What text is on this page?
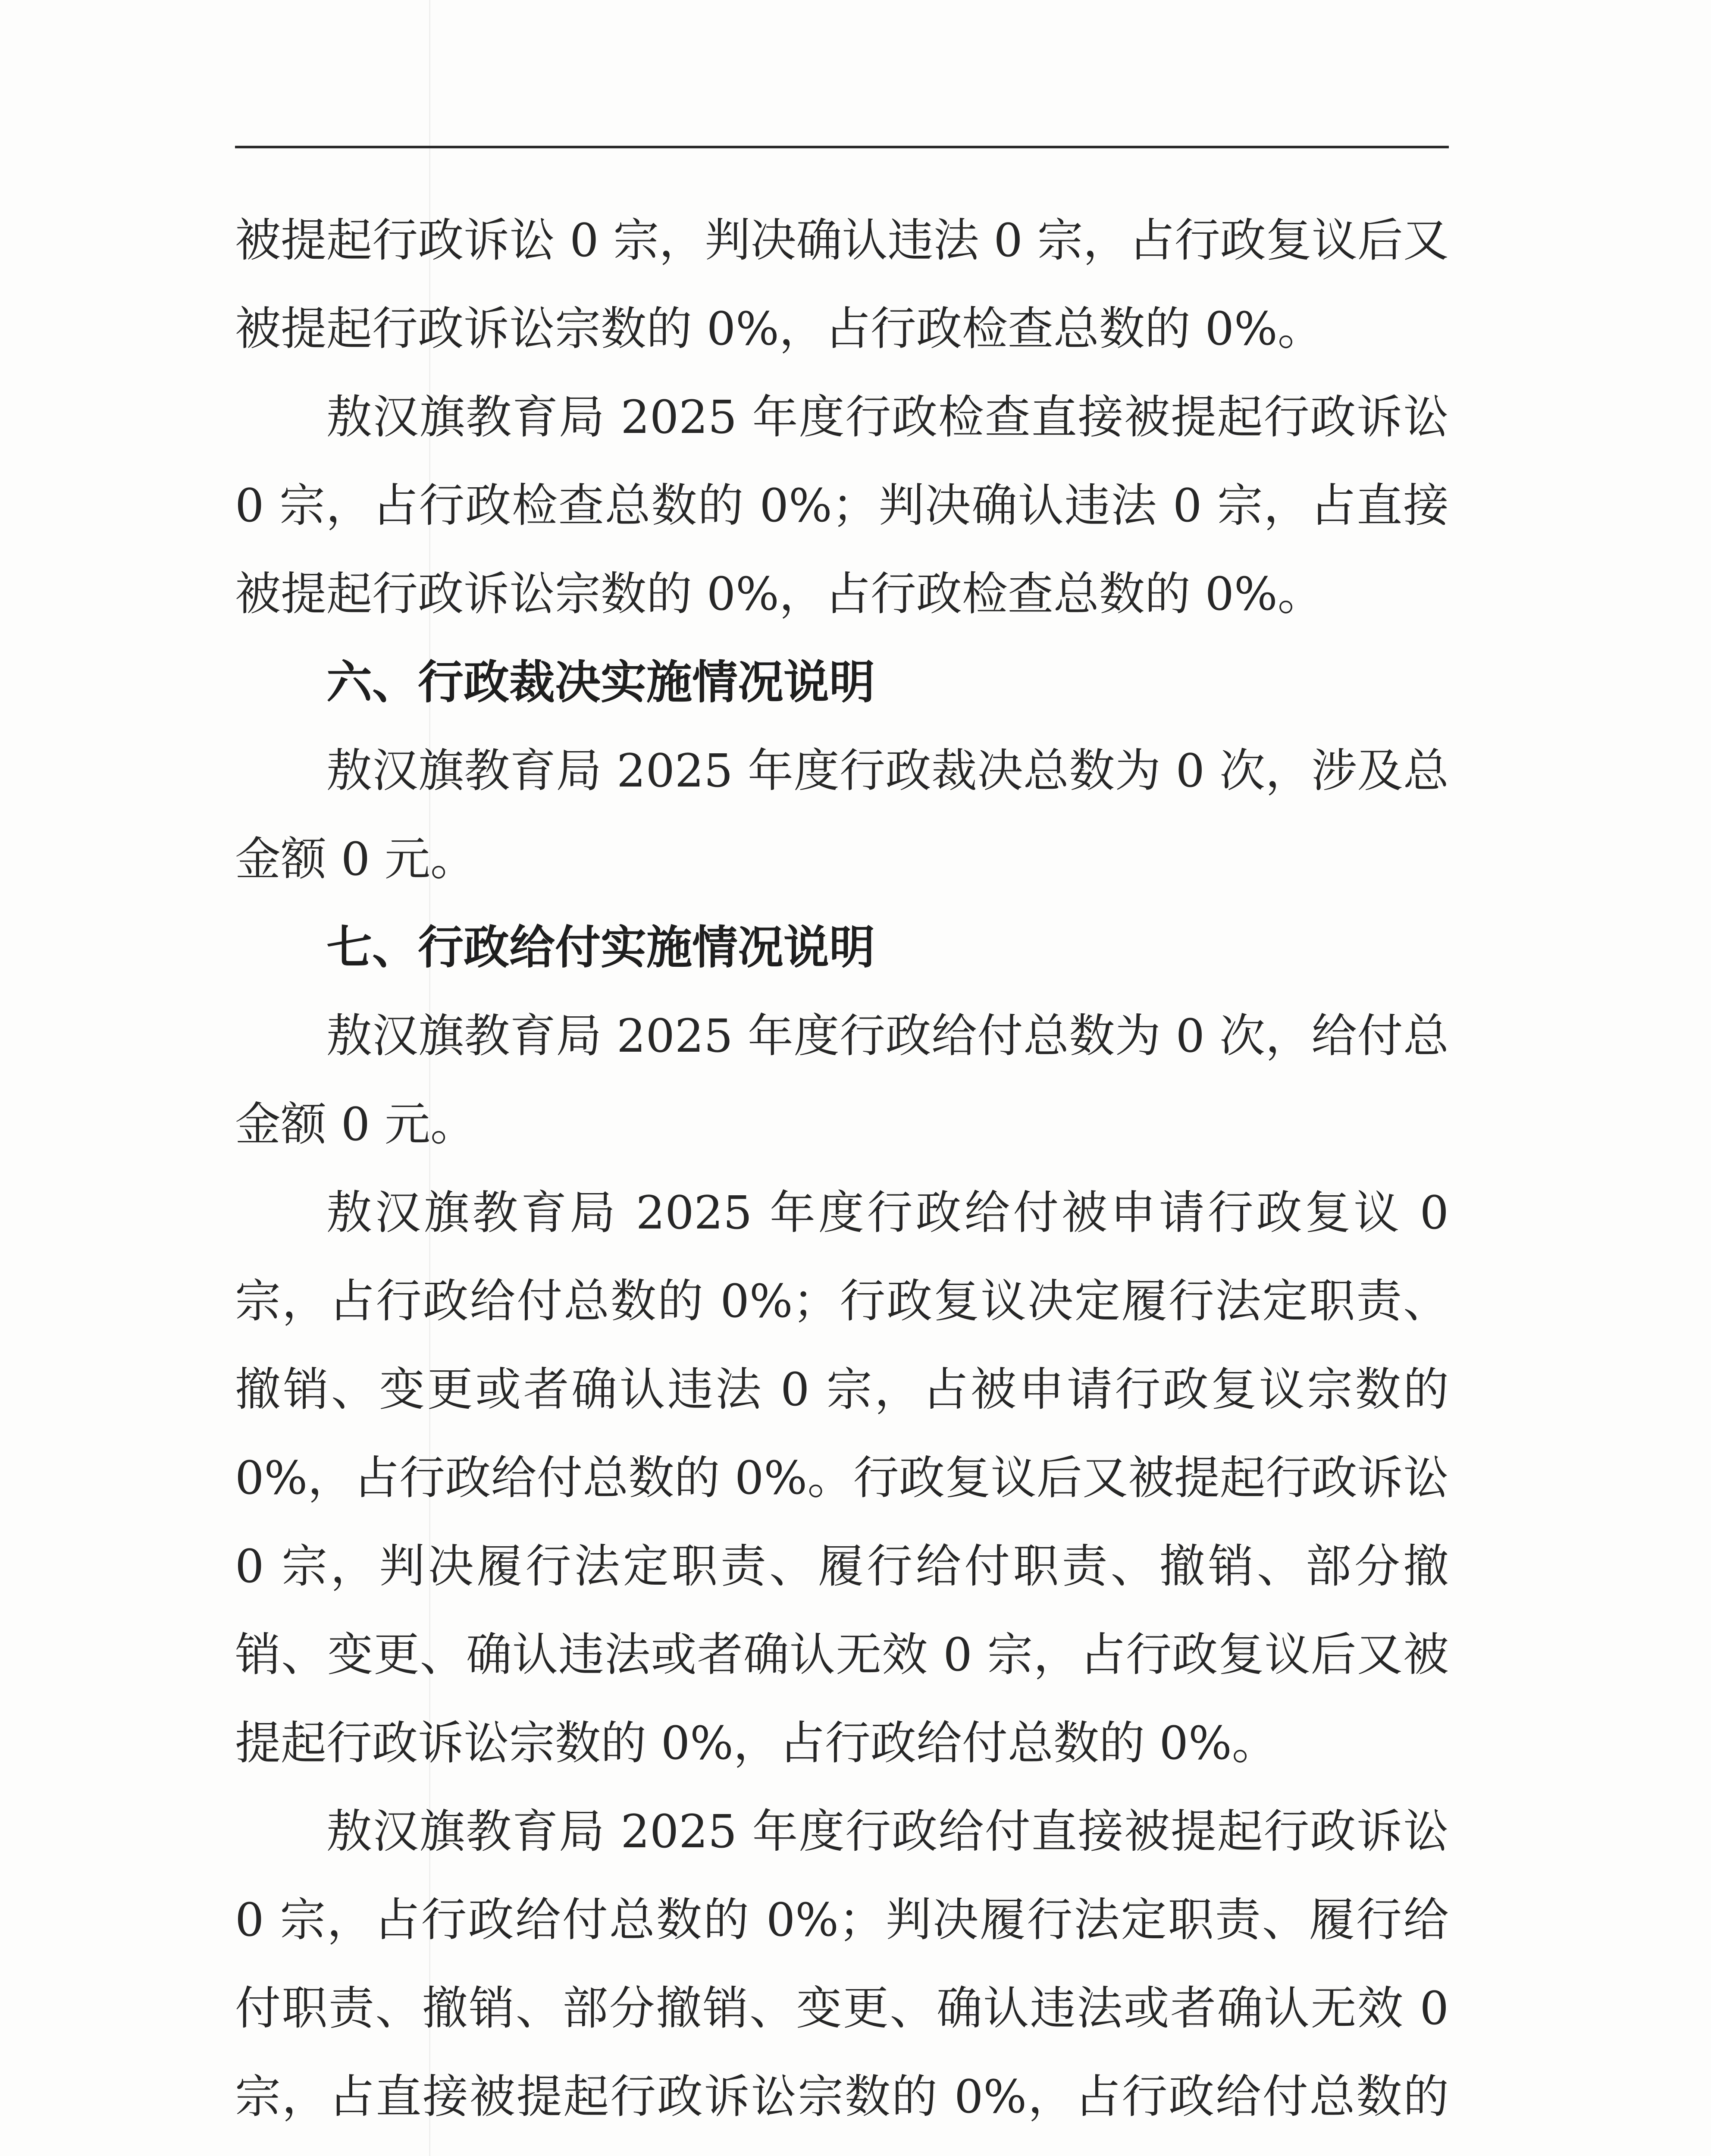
被提起行政诉讼 0 宗，判决确认违法 0 宗，占行政复议后又被提起行政诉讼宗数的 0%，占行政检查总数的 0%。

敖汉旗教育局 2025 年度行政检查直接被提起行政诉讼 0 宗，占行政检查总数的 0%；判决确认违法 0 宗，占直接被提起行政诉讼宗数的 0%，占行政检查总数的 0%。

六、行政裁决实施情况说明

敖汉旗教育局 2025 年度行政裁决总数为 0 次，涉及总金额 0 元。

七、行政给付实施情况说明

敖汉旗教育局 2025 年度行政给付总数为 0 次，给付总金额 0 元。

敖汉旗教育局 2025 年度行政给付被申请行政复议 0 宗，占行政给付总数的 0%；行政复议决定履行法定职责、撤销、变更或者确认违法 0 宗，占被申请行政复议宗数的 0%，占行政给付总数的 0%。行政复议后又被提起行政诉讼 0 宗，判决履行法定职责、履行给付职责、撤销、部分撤销、变更、确认违法或者确认无效 0 宗，占行政复议后又被提起行政诉讼宗数的 0%，占行政给付总数的 0%。

敖汉旗教育局 2025 年度行政给付直接被提起行政诉讼 0 宗，占行政给付总数的 0%；判决履行法定职责、履行给付职责、撤销、部分撤销、变更、确认违法或者确认无效 0 宗，占直接被提起行政诉讼宗数的 0%，占行政给付总数的
